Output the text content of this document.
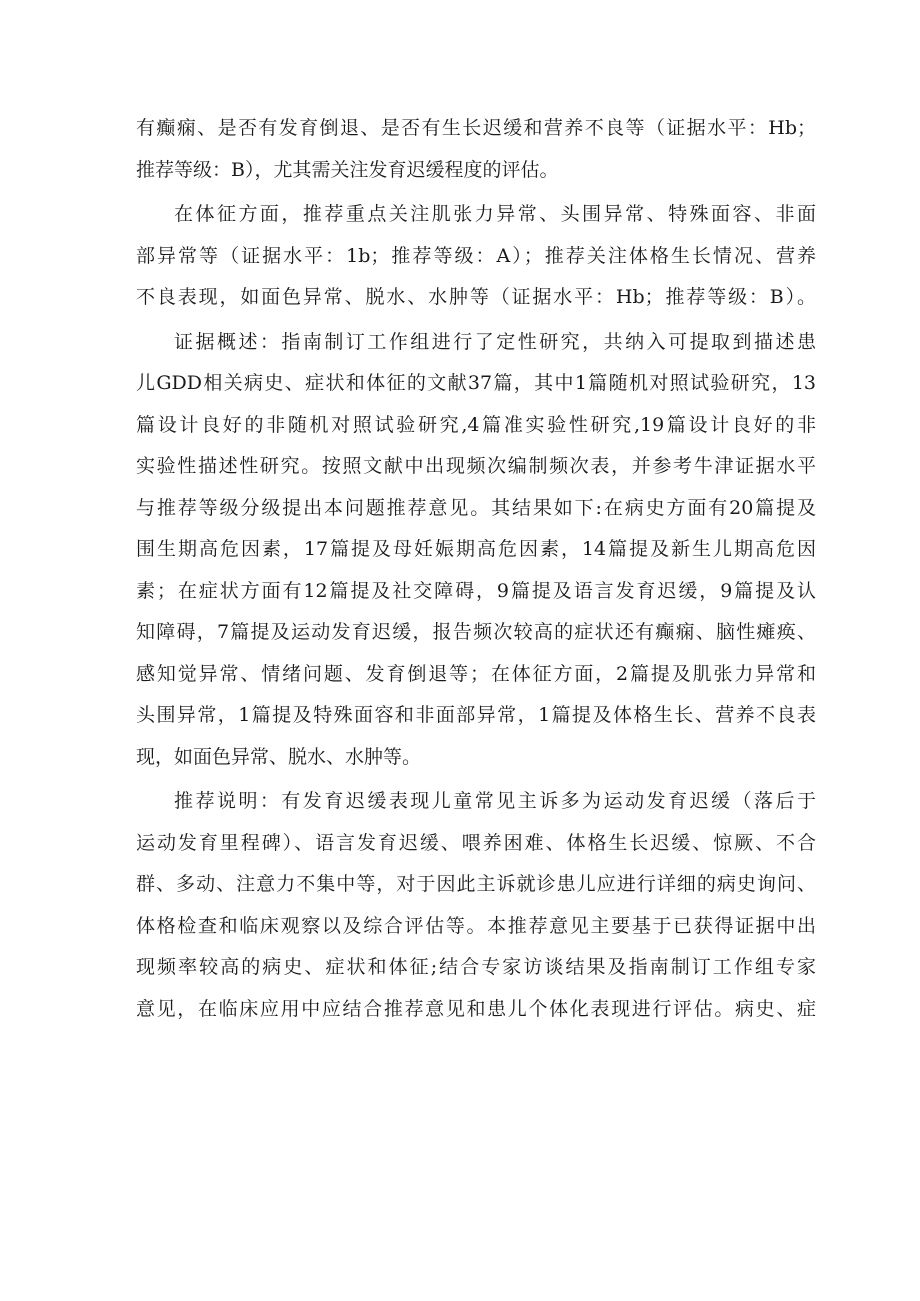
有癫痫、是否有发育倒退、是否有生长迟缓和营养不良等（证据水平：Hb；
推荐等级：B），尤其需关注发育迟缓程度的评估。
在体征方面，推荐重点关注肌张力异常、头围异常、特殊面容、非面
部异常等（证据水平：1b；推荐等级：A）；推荐关注体格生长情况、营养
不良表现，如面色异常、脱水、水肿等（证据水平：Hb；推荐等级：B）。
证据概述：指南制订工作组进行了定性研究，共纳入可提取到描述患
儿GDD相关病史、症状和体征的文献37篇，其中1篇随机对照试验研究，13
篇设计良好的非随机对照试验研究,4篇准实验性研究,19篇设计良好的非
实验性描述性研究。按照文献中出现频次编制频次表，并参考牛津证据水平
与推荐等级分级提出本问题推荐意见。其结果如下:在病史方面有20篇提及
围生期高危因素，17篇提及母妊娠期高危因素，14篇提及新生儿期高危因
素；在症状方面有12篇提及社交障碍，9篇提及语言发育迟缓，9篇提及认
知障碍，7篇提及运动发育迟缓，报告频次较高的症状还有癫痫、脑性瘫痪、
感知觉异常、情绪问题、发育倒退等；在体征方面，2篇提及肌张力异常和
头围异常，1篇提及特殊面容和非面部异常，1篇提及体格生长、营养不良表
现，如面色异常、脱水、水肿等。
推荐说明：有发育迟缓表现儿童常见主诉多为运动发育迟缓（落后于
运动发育里程碑）、语言发育迟缓、喂养困难、体格生长迟缓、惊厥、不合
群、多动、注意力不集中等，对于因此主诉就诊患儿应进行详细的病史询问、
体格检查和临床观察以及综合评估等。本推荐意见主要基于已获得证据中出
现频率较高的病史、症状和体征;结合专家访谈结果及指南制订工作组专家
意见，在临床应用中应结合推荐意见和患儿个体化表现进行评估。病史、症
